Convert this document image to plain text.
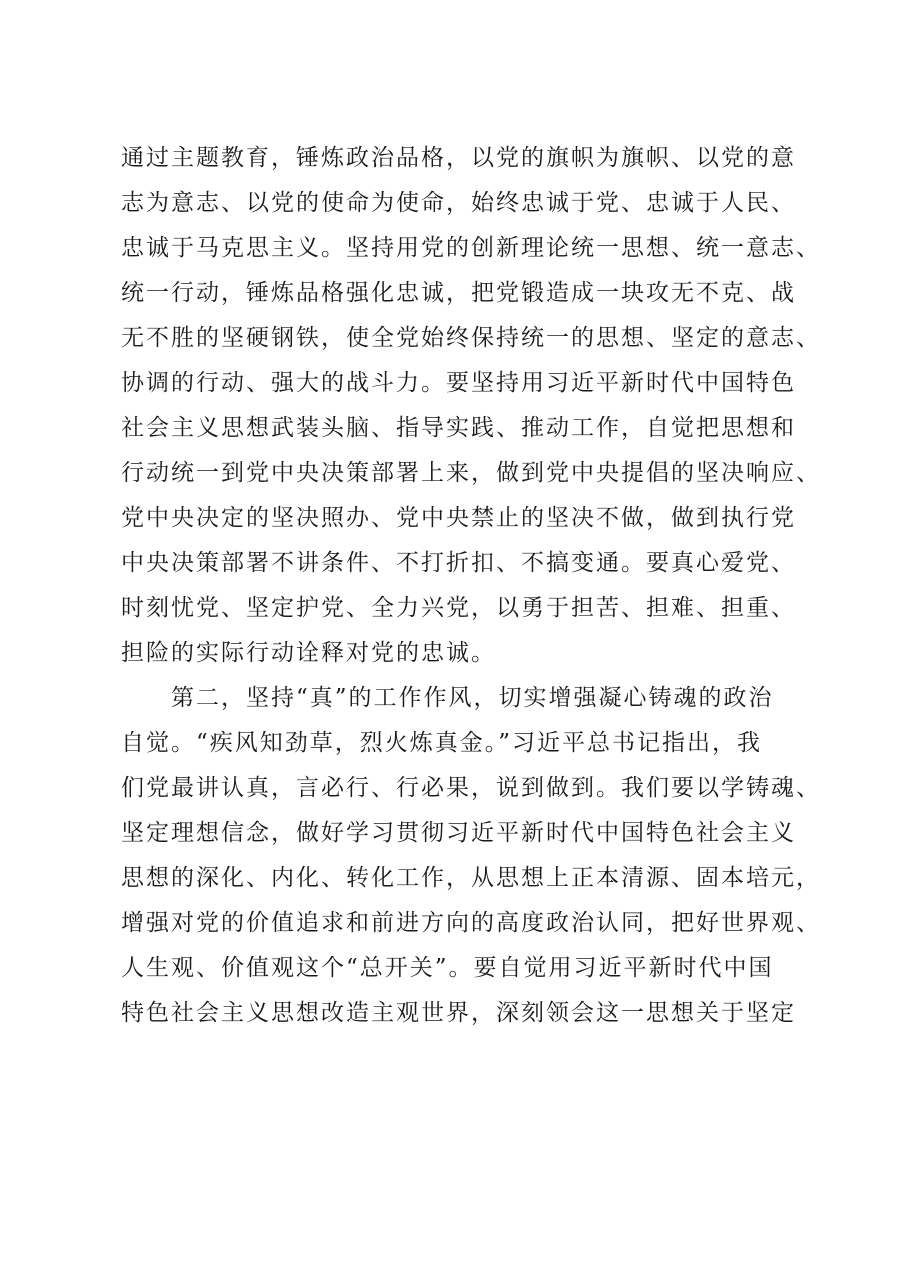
通过主题教育，锤炼政治品格，以党的旗帜为旗帜、以党的意
志为意志、以党的使命为使命，始终忠诚于党、忠诚于人民、
忠诚于马克思主义。坚持用党的创新理论统一思想、统一意志、
统一行动，锤炼品格强化忠诚，把党锻造成一块攻无不克、战
无不胜的坚硬钢铁，使全党始终保持统一的思想、坚定的意志、
协调的行动、强大的战斗力。要坚持用习近平新时代中国特色
社会主义思想武装头脑、指导实践、推动工作，自觉把思想和
行动统一到党中央决策部署上来，做到党中央提倡的坚决响应、
党中央决定的坚决照办、党中央禁止的坚决不做，做到执行党
中央决策部署不讲条件、不打折扣、不搞变通。要真心爱党、
时刻忧党、坚定护党、全力兴党，以勇于担苦、担难、担重、
担险的实际行动诠释对党的忠诚。
第二，坚持“真”的工作作风，切实增强凝心铸魂的政治
自觉。“疾风知劲草，烈火炼真金。”习近平总书记指出，我
们党最讲认真，言必行、行必果，说到做到。我们要以学铸魂、
坚定理想信念，做好学习贯彻习近平新时代中国特色社会主义
思想的深化、内化、转化工作，从思想上正本清源、固本培元，
增强对党的价值追求和前进方向的高度政治认同，把好世界观、
人生观、价值观这个“总开关”。要自觉用习近平新时代中国
特色社会主义思想改造主观世界，深刻领会这一思想关于坚定
